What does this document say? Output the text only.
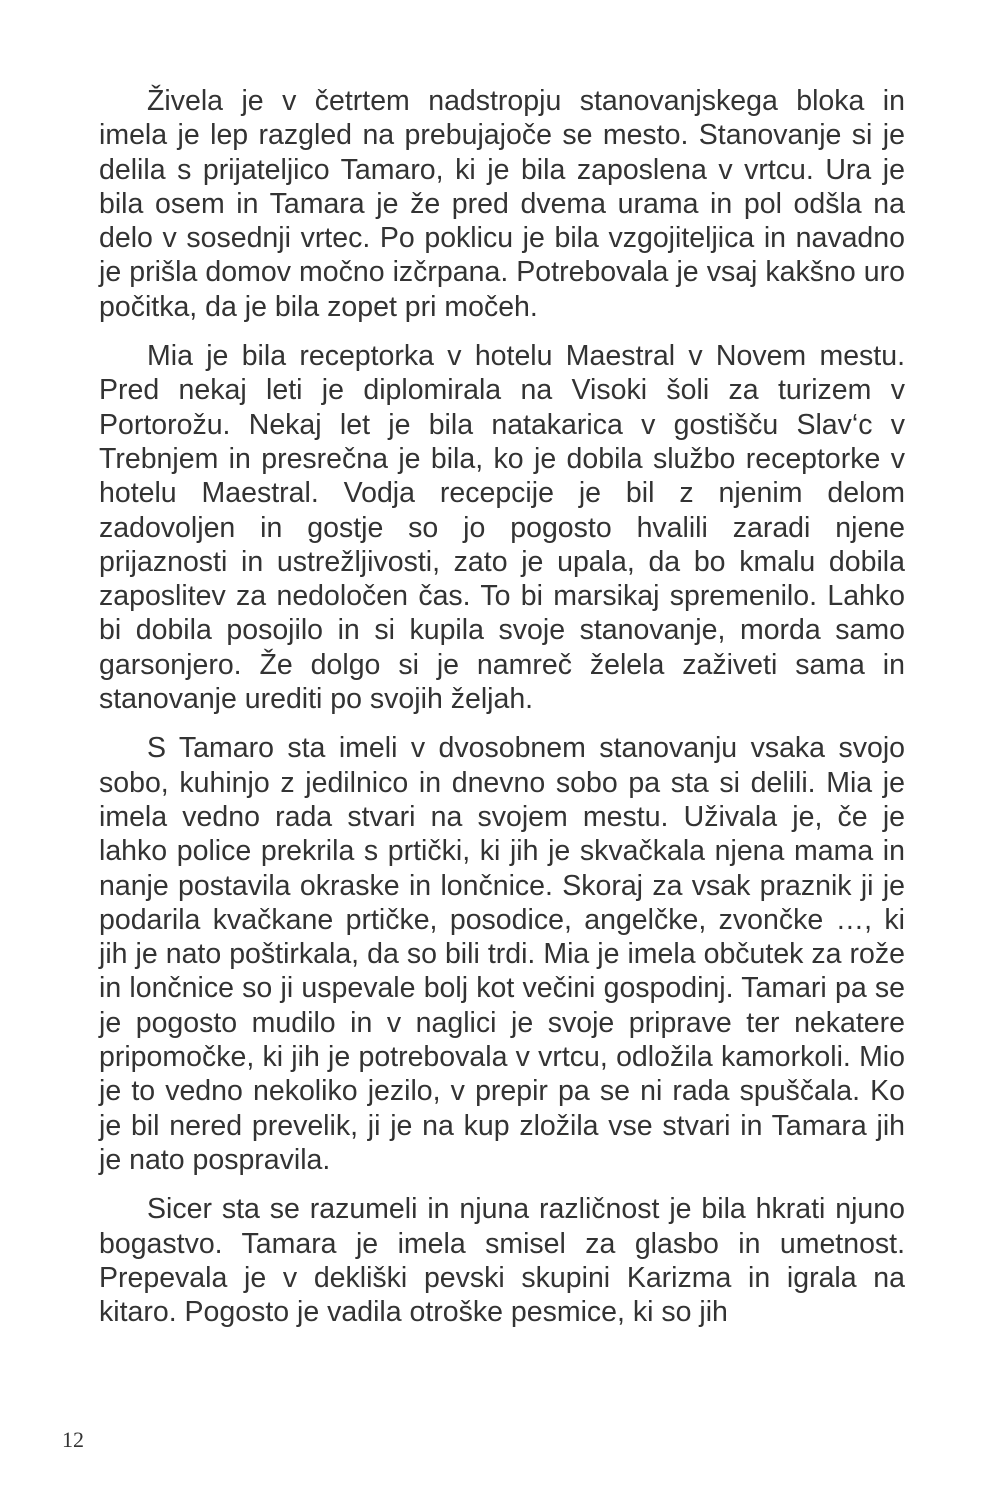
Živela je v četrtem nadstropju stanovanjskega bloka in imela je lep razgled na prebujajoče se mesto. Stanovanje si je delila s prijateljico Tamaro, ki je bila zaposlena v vrtcu. Ura je bila osem in Tamara je že pred dvema urama in pol odšla na delo v sosednji vrtec. Po poklicu je bila vzgojiteljica in navadno je prišla domov močno izčrpana. Potrebovala je vsaj kakšno uro počitka, da je bila zopet pri močeh.

Mia je bila receptorka v hotelu Maestral v Novem mestu. Pred nekaj leti je diplomirala na Visoki šoli za turizem v Portorožu. Nekaj let je bila natakarica v gostišču Slav‘c v Trebnjem in presrečna je bila, ko je dobila službo receptorke v hotelu Maestral. Vodja recepcije je bil z njenim delom zadovoljen in gostje so jo pogosto hvalili zaradi njene prijaznosti in ustrežljivosti, zato je upala, da bo kmalu dobila zaposlitev za nedoločen čas. To bi marsikaj spremenilo. Lahko bi dobila posojilo in si kupila svoje stanovanje, morda samo garsonjero. Že dolgo si je namreč želela zaživeti sama in stanovanje urediti po svojih željah.

S Tamaro sta imeli v dvosobnem stanovanju vsaka svojo sobo, kuhinjo z jedilnico in dnevno sobo pa sta si delili. Mia je imela vedno rada stvari na svojem mestu. Uživala je, če je lahko police prekrila s prtički, ki jih je skvačkala njena mama in nanje postavila okraske in lončnice. Skoraj za vsak praznik ji je podarila kvačkane prtičke, posodice, angelčke, zvončke …, ki jih je nato poštirkala, da so bili trdi. Mia je imela občutek za rože in lončnice so ji uspevale bolj kot večini gospodinj. Tamari pa se je pogosto mudilo in v naglici je svoje priprave ter nekatere pripomočke, ki jih je potrebovala v vrtcu, odložila kamorkoli. Mio je to vedno nekoliko jezilo, v prepir pa se ni rada spuščala. Ko je bil nered prevelik, ji je na kup zložila vse stvari in Tamara jih je nato pospravila.

Sicer sta se razumeli in njuna različnost je bila hkrati njuno bogastvo. Tamara je imela smisel za glasbo in umetnost. Prepevala je v dekliški pevski skupini Karizma in igrala na kitaro. Pogosto je vadila otroške pesmice, ki so jih

12
